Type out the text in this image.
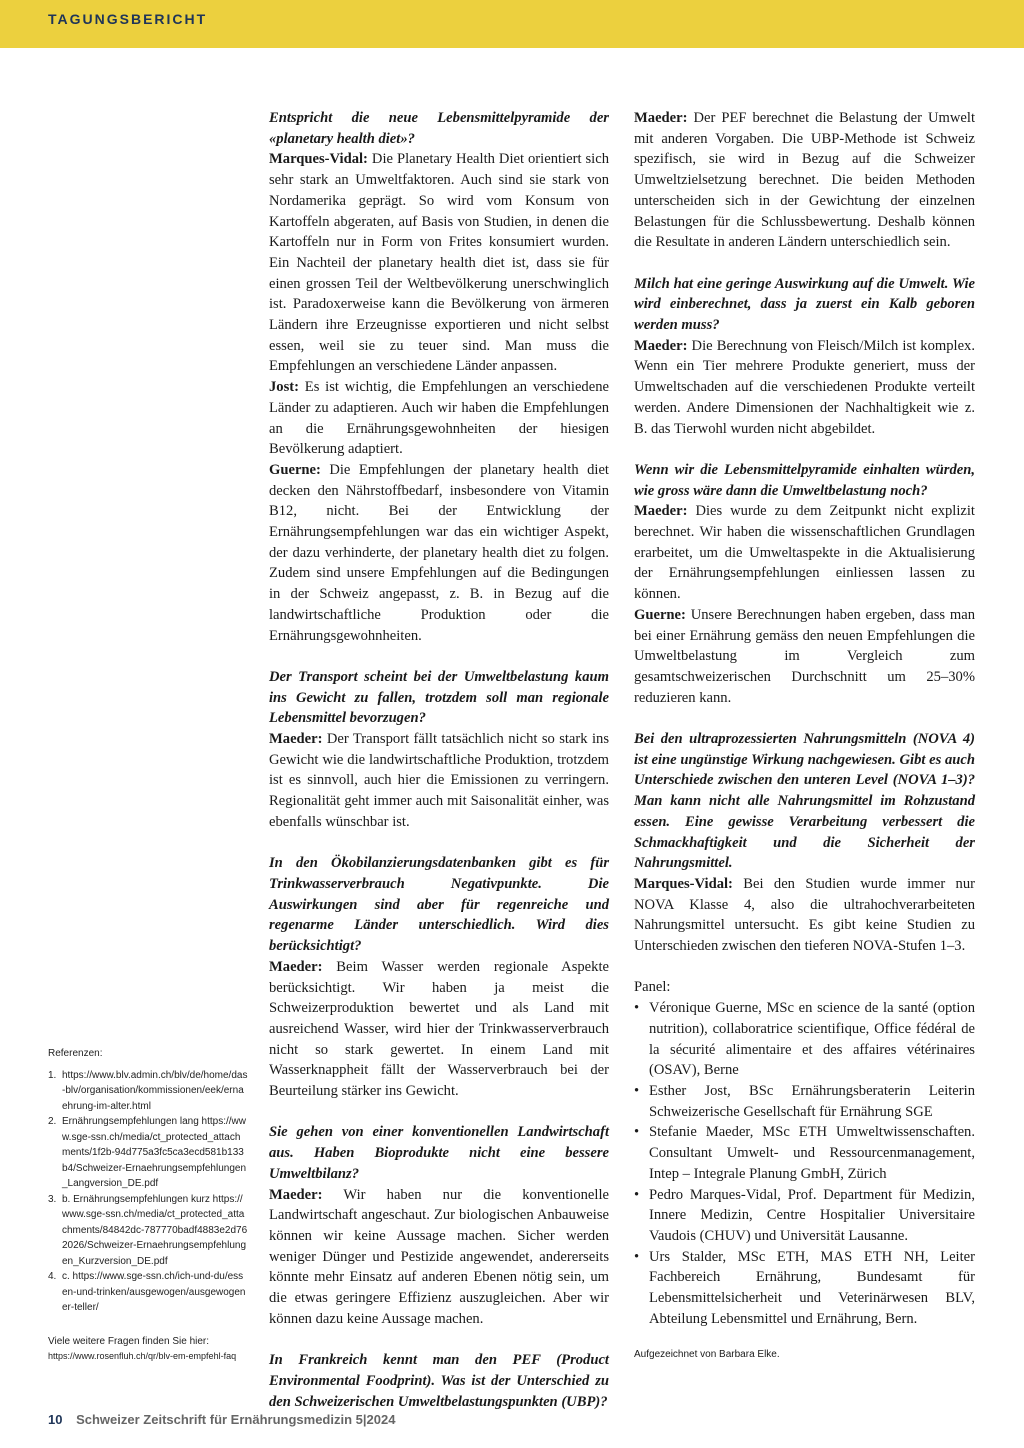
TAGUNGSBERICHT

Entspricht die neue Lebensmittelpyramide der «planetary health diet»?

Marques-Vidal: Die Planetary Health Diet orientiert sich sehr stark an Umweltfaktoren. Auch sind sie stark von Nordamerika geprägt. So wird vom Konsum von Kartoffeln abgeraten, auf Basis von Studien, in denen die Kartoffeln nur in Form von Frites konsumiert wurden. Ein Nachteil der planetary health diet ist, dass sie für einen grossen Teil der Weltbevölkerung unerschwinglich ist. Paradoxerweise kann die Bevölkerung von ärmeren Ländern ihre Erzeugnisse exportieren und nicht selbst essen, weil sie zu teuer sind. Man muss die Empfehlungen an verschiedene Länder anpassen.

Jost: Es ist wichtig, die Empfehlungen an verschiedene Länder zu adaptieren. Auch wir haben die Empfehlungen an die Ernährungsgewohnheiten der hiesigen Bevölkerung adaptiert.

Guerne: Die Empfehlungen der planetary health diet decken den Nährstoffbedarf, insbesondere von Vitamin B12, nicht. Bei der Entwicklung der Ernährungsempfehlungen war das ein wichtiger Aspekt, der dazu verhinderte, der planetary health diet zu folgen. Zudem sind unsere Empfehlungen auf die Bedingungen in der Schweiz angepasst, z. B. in Bezug auf die landwirtschaftliche Produktion oder die Ernährungsgewohnheiten.

Der Transport scheint bei der Umweltbelastung kaum ins Gewicht zu fallen, trotzdem soll man regionale Lebensmittel bevorzugen?

Maeder: Der Transport fällt tatsächlich nicht so stark ins Gewicht wie die landwirtschaftliche Produktion, trotzdem ist es sinnvoll, auch hier die Emissionen zu verringern. Regionalität geht immer auch mit Saisonalität einher, was ebenfalls wünschbar ist.

In den Ökobilanzierungsdatenbanken gibt es für Trinkwasserverbrauch Negativpunkte. Die Auswirkungen sind aber für regenreiche und regenarme Länder unterschiedlich. Wird dies berücksichtigt?

Maeder: Beim Wasser werden regionale Aspekte berücksichtigt. Wir haben ja meist die Schweizerproduktion bewertet und als Land mit ausreichend Wasser, wird hier der Trinkwasserverbrauch nicht so stark gewertet. In einem Land mit Wasserknappheit fällt der Wasserverbrauch bei der Beurteilung stärker ins Gewicht.

Sie gehen von einer konventionellen Landwirtschaft aus. Haben Bioprodukte nicht eine bessere Umweltbilanz?

Maeder: Wir haben nur die konventionelle Landwirtschaft angeschaut. Zur biologischen Anbauweise können wir keine Aussage machen. Sicher werden weniger Dünger und Pestizide angewendet, andererseits könnte mehr Einsatz auf anderen Ebenen nötig sein, um die etwas geringere Effizienz auszugleichen. Aber wir können dazu keine Aussage machen.

In Frankreich kennt man den PEF (Product Environmental Foodprint). Was ist der Unterschied zu den Schweizerischen Umweltbelastungspunkten (UBP)?

Maeder: Der PEF berechnet die Belastung der Umwelt mit anderen Vorgaben. Die UBP-Methode ist Schweiz spezifisch, sie wird in Bezug auf die Schweizer Umweltzielsetzung berechnet. Die beiden Methoden unterscheiden sich in der Gewichtung der einzelnen Belastungen für die Schlussbewertung. Deshalb können die Resultate in anderen Ländern unterschiedlich sein.

Milch hat eine geringe Auswirkung auf die Umwelt. Wie wird einberechnet, dass ja zuerst ein Kalb geboren werden muss?

Maeder: Die Berechnung von Fleisch/Milch ist komplex. Wenn ein Tier mehrere Produkte generiert, muss der Umweltschaden auf die verschiedenen Produkte verteilt werden. Andere Dimensionen der Nachhaltigkeit wie z. B. das Tierwohl wurden nicht abgebildet.

Wenn wir die Lebensmittelpyramide einhalten würden, wie gross wäre dann die Umweltbelastung noch?

Maeder: Dies wurde zu dem Zeitpunkt nicht explizit berechnet. Wir haben die wissenschaftlichen Grundlagen erarbeitet, um die Umweltaspekte in die Aktualisierung der Ernährungsempfehlungen einliessen lassen zu können.

Guerne: Unsere Berechnungen haben ergeben, dass man bei einer Ernährung gemäss den neuen Empfehlungen die Umweltbelastung im Vergleich zum gesamtschweizerischen Durchschnitt um 25–30% reduzieren kann.

Bei den ultraprozessierten Nahrungsmitteln (NOVA 4) ist eine ungünstige Wirkung nachgewiesen. Gibt es auch Unterschiede zwischen den unteren Level (NOVA 1–3)? Man kann nicht alle Nahrungsmittel im Rohzustand essen. Eine gewisse Verarbeitung verbessert die Schmackhaftigkeit und die Sicherheit der Nahrungsmittel.

Marques-Vidal: Bei den Studien wurde immer nur NOVA Klasse 4, also die ultrahochverarbeiteten Nahrungsmittel untersucht. Es gibt keine Studien zu Unterschieden zwischen den tieferen NOVA-Stufen 1–3.

Panel:

• Véronique Guerne, MSc en science de la santé (option nutrition), collaboratrice scientifique, Office fédéral de la sécurité alimentaire et des affaires vétérinaires (OSAV), Berne
• Esther Jost, BSc Ernährungsberaterin Leiterin Schweizerische Gesellschaft für Ernährung SGE
• Stefanie Maeder, MSc ETH Umweltwissenschaften. Consultant Umwelt- und Ressourcenmanagement, Intep – Integrale Planung GmbH, Zürich
• Pedro Marques-Vidal, Prof. Department für Medizin, Innere Medizin, Centre Hospitalier Universitaire Vaudois (CHUV) und Universität Lausanne.
• Urs Stalder, MSc ETH, MAS ETH NH, Leiter Fachbereich Ernährung, Bundesamt für Lebensmittelsicherheit und Veterinärwesen BLV, Abteilung Lebensmittel und Ernährung, Bern.
Aufgezeichnet von Barbara Elke.
Referenzen:
1. https://www.blv.admin.ch/blv/de/home/das-blv/organisation/kommissionen/eek/ernaehrung-im-alter.html
2. Ernährungsempfehlungen lang https://www.sge-ssn.ch/media/ct_protected_attachments/1f2b-94d775a3fc5ca3ecd581b133b4/Schweizer-Ernaehrungsempfehlungen_Langversion_DE.pdf
3. b. Ernährungsempfehlungen kurz https://www.sge-ssn.ch/media/ct_protected_attachments/84842dc-787770badf4883e2d762026/Schweizer-Ernaehrungsempfehlungen_Kurzversion_DE.pdf
4. c. https://www.sge-ssn.ch/ich-und-du/essen-und-trinken/ausgewogen/ausgewogener-teller/
Viele weitere Fragen finden Sie hier:
https://www.rosenfluh.ch/qr/blv-em-empfehl-faq
10 Schweizer Zeitschrift für Ernährungsmedizin 5|2024
